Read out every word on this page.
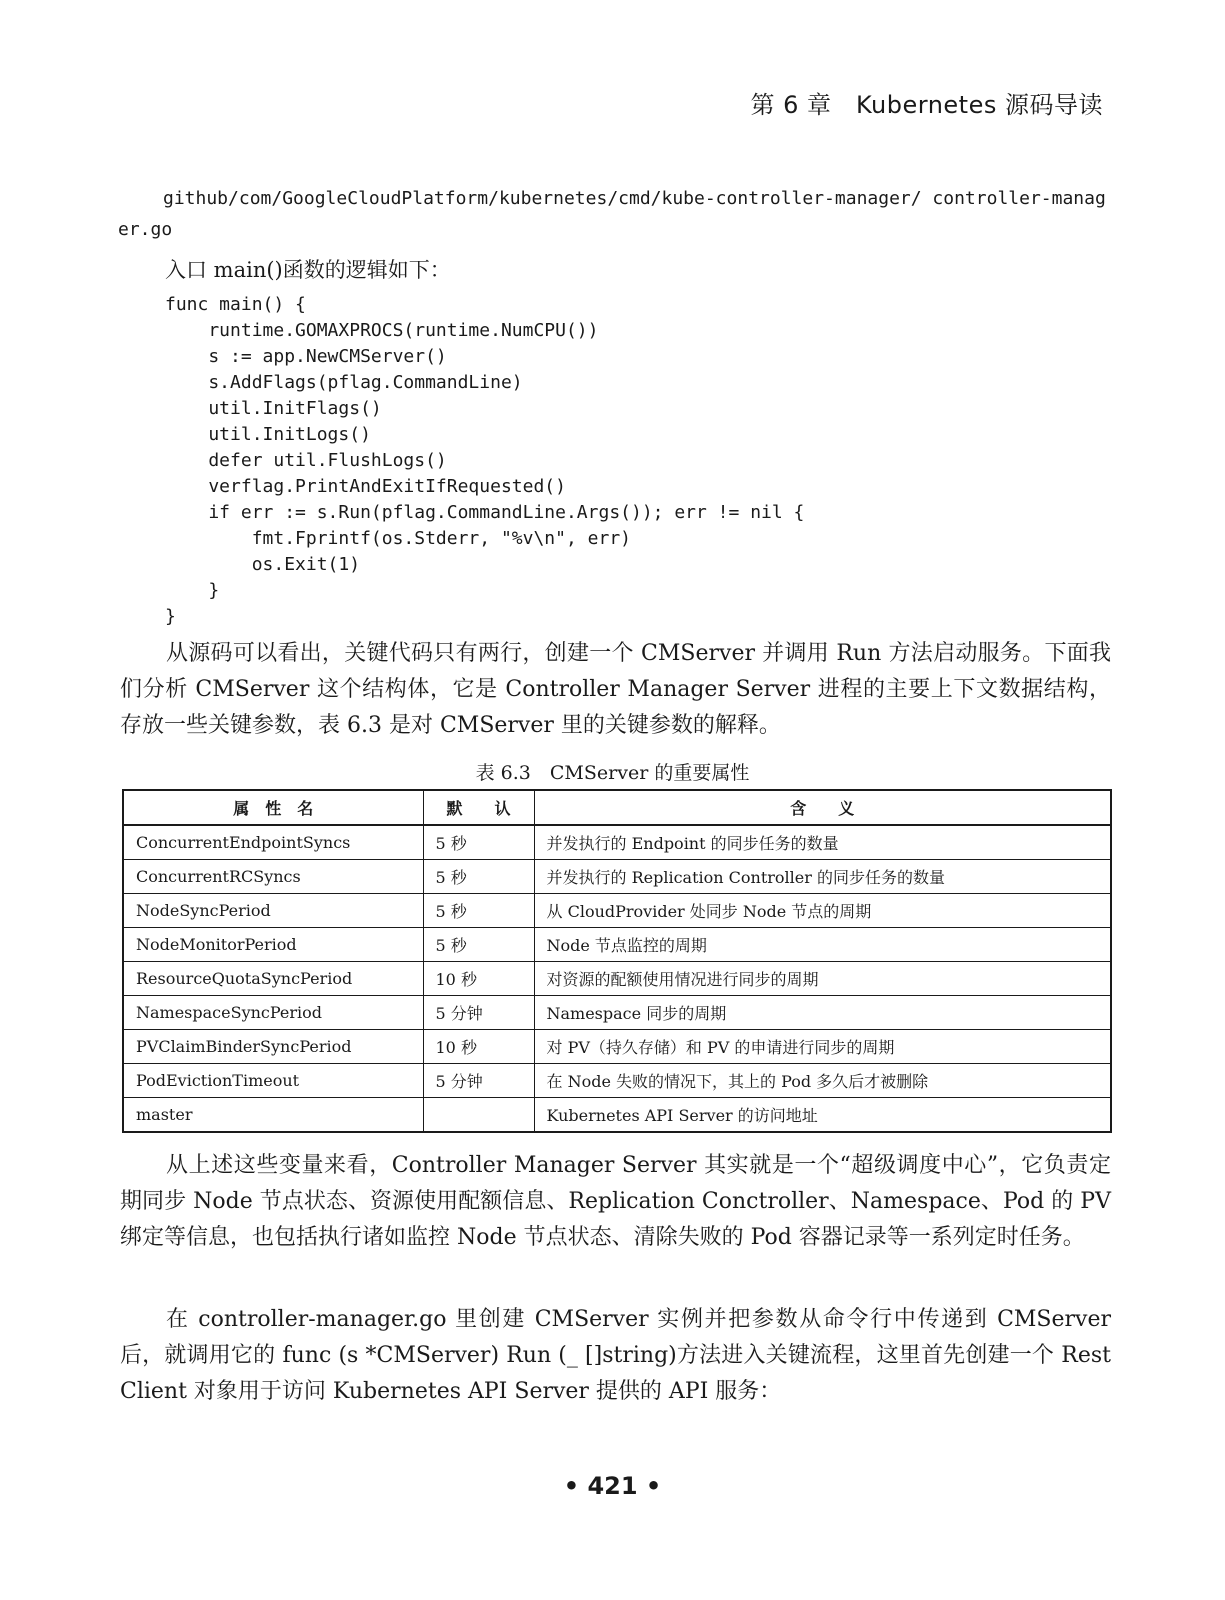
第 6 章　Kubernetes 源码导读
github/com/GoogleCloudPlatform/kubernetes/cmd/kube-controller-manager/ controller-manager.go
入口 main()函数的逻辑如下：
func main() {
runtime.GOMAXPROCS(runtime.NumCPU())
s := app.NewCMServer()
s.AddFlags(pflag.CommandLine)
util.InitFlags()
util.InitLogs()
defer util.FlushLogs()
verflag.PrintAndExitIfRequested()
if err := s.Run(pflag.CommandLine.Args()); err != nil {
fmt.Fprintf(os.Stderr, "%v\n", err)
os.Exit(1)
}
}
从源码可以看出，关键代码只有两行，创建一个 CMServer 并调用 Run 方法启动服务。下面我们分析 CMServer 这个结构体，它是 Controller Manager Server 进程的主要上下文数据结构，存放一些关键参数，表 6.3 是对 CMServer 里的关键参数的解释。
表 6.3　CMServer 的重要属性
属　性　名	默　　认	含　　义
ConcurrentEndpointSyncs	5 秒	并发执行的 Endpoint 的同步任务的数量
ConcurrentRCSyncs	5 秒	并发执行的 Replication Controller 的同步任务的数量
NodeSyncPeriod	5 秒	从 CloudProvider 处同步 Node 节点的周期
NodeMonitorPeriod	5 秒	Node 节点监控的周期
ResourceQuotaSyncPeriod	10 秒	对资源的配额使用情况进行同步的周期
NamespaceSyncPeriod	5 分钟	Namespace 同步的周期
PVClaimBinderSyncPeriod	10 秒	对 PV（持久存储）和 PV 的申请进行同步的周期
PodEvictionTimeout	5 分钟	在 Node 失败的情况下，其上的 Pod 多久后才被删除
master		Kubernetes API Server 的访问地址
从上述这些变量来看，Controller Manager Server 其实就是一个“超级调度中心”，它负责定期同步 Node 节点状态、资源使用配额信息、Replication Conctroller、Namespace、Pod 的 PV 绑定等信息，也包括执行诸如监控 Node 节点状态、清除失败的 Pod 容器记录等一系列定时任务。
在 controller-manager.go 里创建 CMServer 实例并把参数从命令行中传递到 CMServer 后，就调用它的 func (s *CMServer) Run (_ []string)方法进入关键流程，这里首先创建一个 Rest Client 对象用于访问 Kubernetes API Server 提供的 API 服务：
• 421 •
